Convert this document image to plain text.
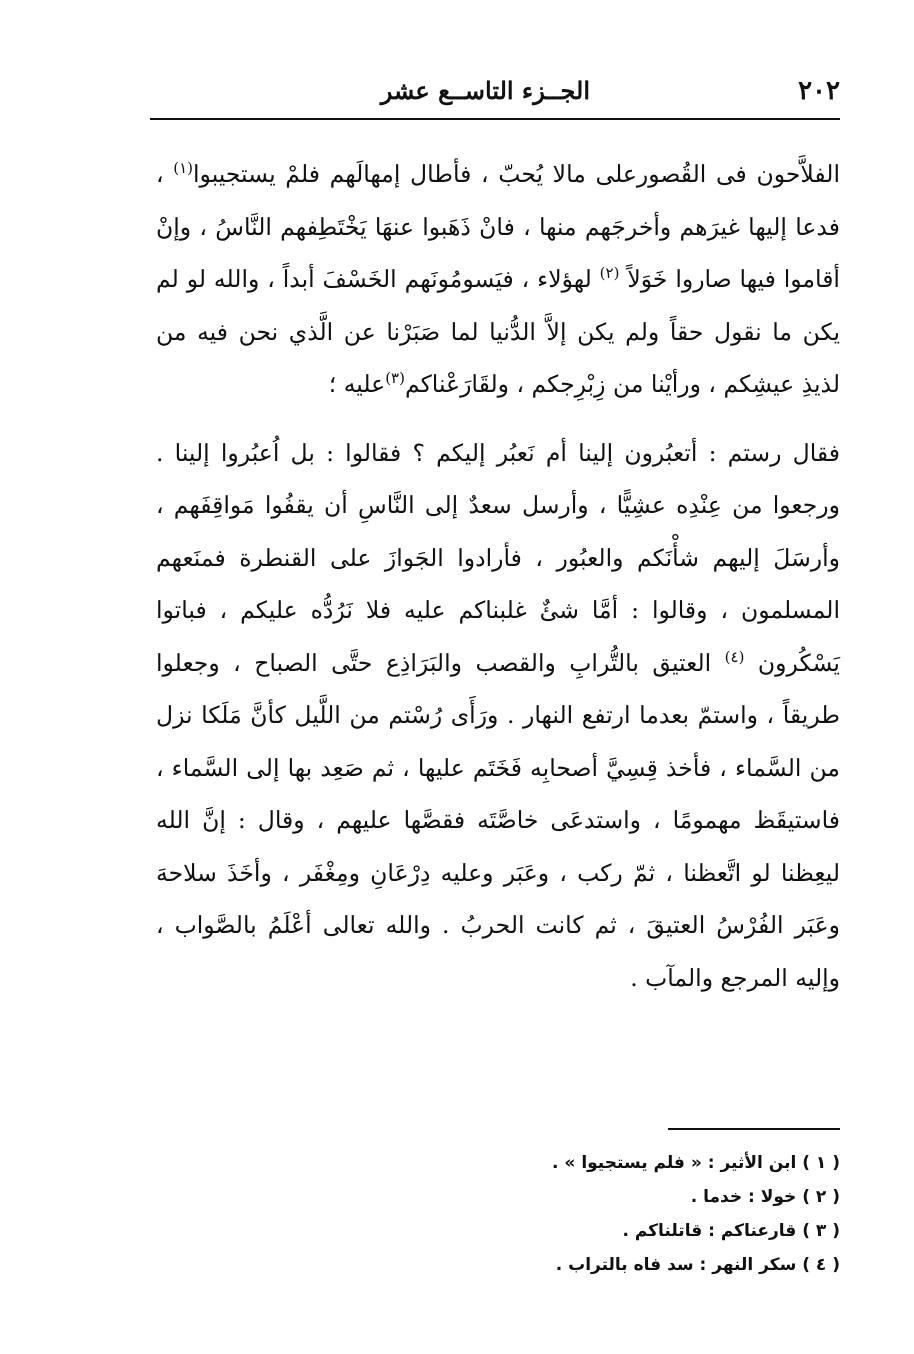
٢٠٢
الجــزء التاســع عشر

الفلاَّحون فى القُصورعلى مالا يُحبّ ، فأطال إمهالَهم فلمْ يستجيبوا$^{(١)}$ ، فدعا إليها غيرَهم وأخرجَهم منها ، فانْ ذَهَبوا عنهَا يَخْتَطِفهم النَّاسُ ، وإنْ أقاموا فيها صاروا خَوَلاً $^{(٢)}$ لهؤلاء ، فيَسومُونَهم الخَسْفَ أبداً ، والله لو لم يكن ما نقول حقاً ولم يكن إلاَّ الدُّنيا لما صَبَرْنا عن الَّذي نحن فيه من لذيذِ عيشِكم ، ورأيْنا من زِبْرِجكم ، ولقَارَعْناكم$^{(٣)}$عليه ؛

فقال رستم : أتعبُرون إلينا أم نَعبُر إليكم ؟ فقالوا : بل اُعبُروا إلينا . ورجعوا من عِنْدِه عشِيًّا ، وأرسل سعدٌ إلى النَّاسِ أن يقفُوا مَواقِفَهم ، وأرسَلَ إليهم شأْنَكم والعبُور ، فأرادوا الجَوازَ على القنطرة فمنَعهم المسلمون ، وقالوا : أمَّا شئٌ غلبناكم عليه فلا نَرُدُّه عليكم ، فباتوا يَسْكُرون $^{(٤)}$ العتيق بالتُّرابِ والقصب والبَرَاذِع حتَّى الصباح ، وجعلوا طريقاً ، واستمّ بعدما ارتفع النهار . ورَأَى رُسْتم من اللَّيل كأنَّ مَلَكا نزل من السَّماء ، فأخذ قِسِيَّ أصحابِه فَخَتَم عليها ، ثم صَعِد بها إلى السَّماء ، فاستيقَظ مهمومًا ، واستدعَى خاصَّتَه فقصَّها عليهم ، وقال : إنَّ الله ليعِظنا لو اتَّعظنا ، ثمّ ركب ، وعَبَر وعليه دِرْعَانِ ومِغْفَر ، وأخَذَ سلاحهَ وعَبَر الفُرْسُ العتيقَ ، ثم كانت الحربُ . والله تعالى أعْلَمُ بالصَّواب ، وإليه المرجع والمآب .

( ١ ) ابن الأثير : « فلم يستجيوا » .
( ٢ ) خولا : خدما .
( ٣ ) قارعناكم : قاتلناكم .
( ٤ ) سكر النهر : سد فاه بالتراب .
